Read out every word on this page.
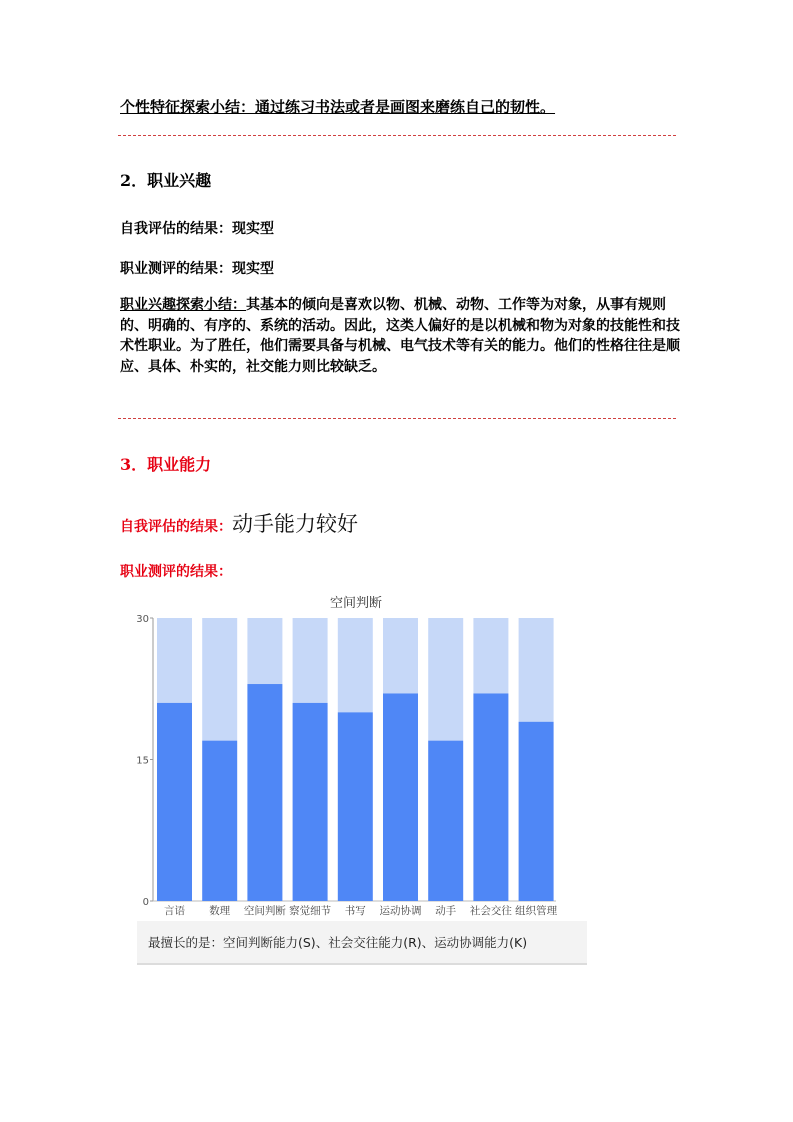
个性特征探索小结：通过练习书法或者是画图来磨练自己的韧性。
2．职业兴趣
自我评估的结果：现实型
职业测评的结果：现实型
职业兴趣探索小结：其基本的倾向是喜欢以物、机械、动物、工作等为对象，从事有规则的、明确的、有序的、系统的活动。因此，这类人偏好的是以机械和物为对象的技能性和技术性职业。为了胜任，他们需要具备与机械、电气技术等有关的能力。他们的性格往往是顺应、具体、朴实的，社交能力则比较缺乏。
3．职业能力
自我评估的结果：动手能力较好
职业测评的结果：
空间判断
0
15
30
言语 数理 空间判断 察觉细节 书写 运动协调 动手 社会交往 组织管理
最擅长的是：空间判断能力(S)、社会交往能力(R)、运动协调能力(K)
